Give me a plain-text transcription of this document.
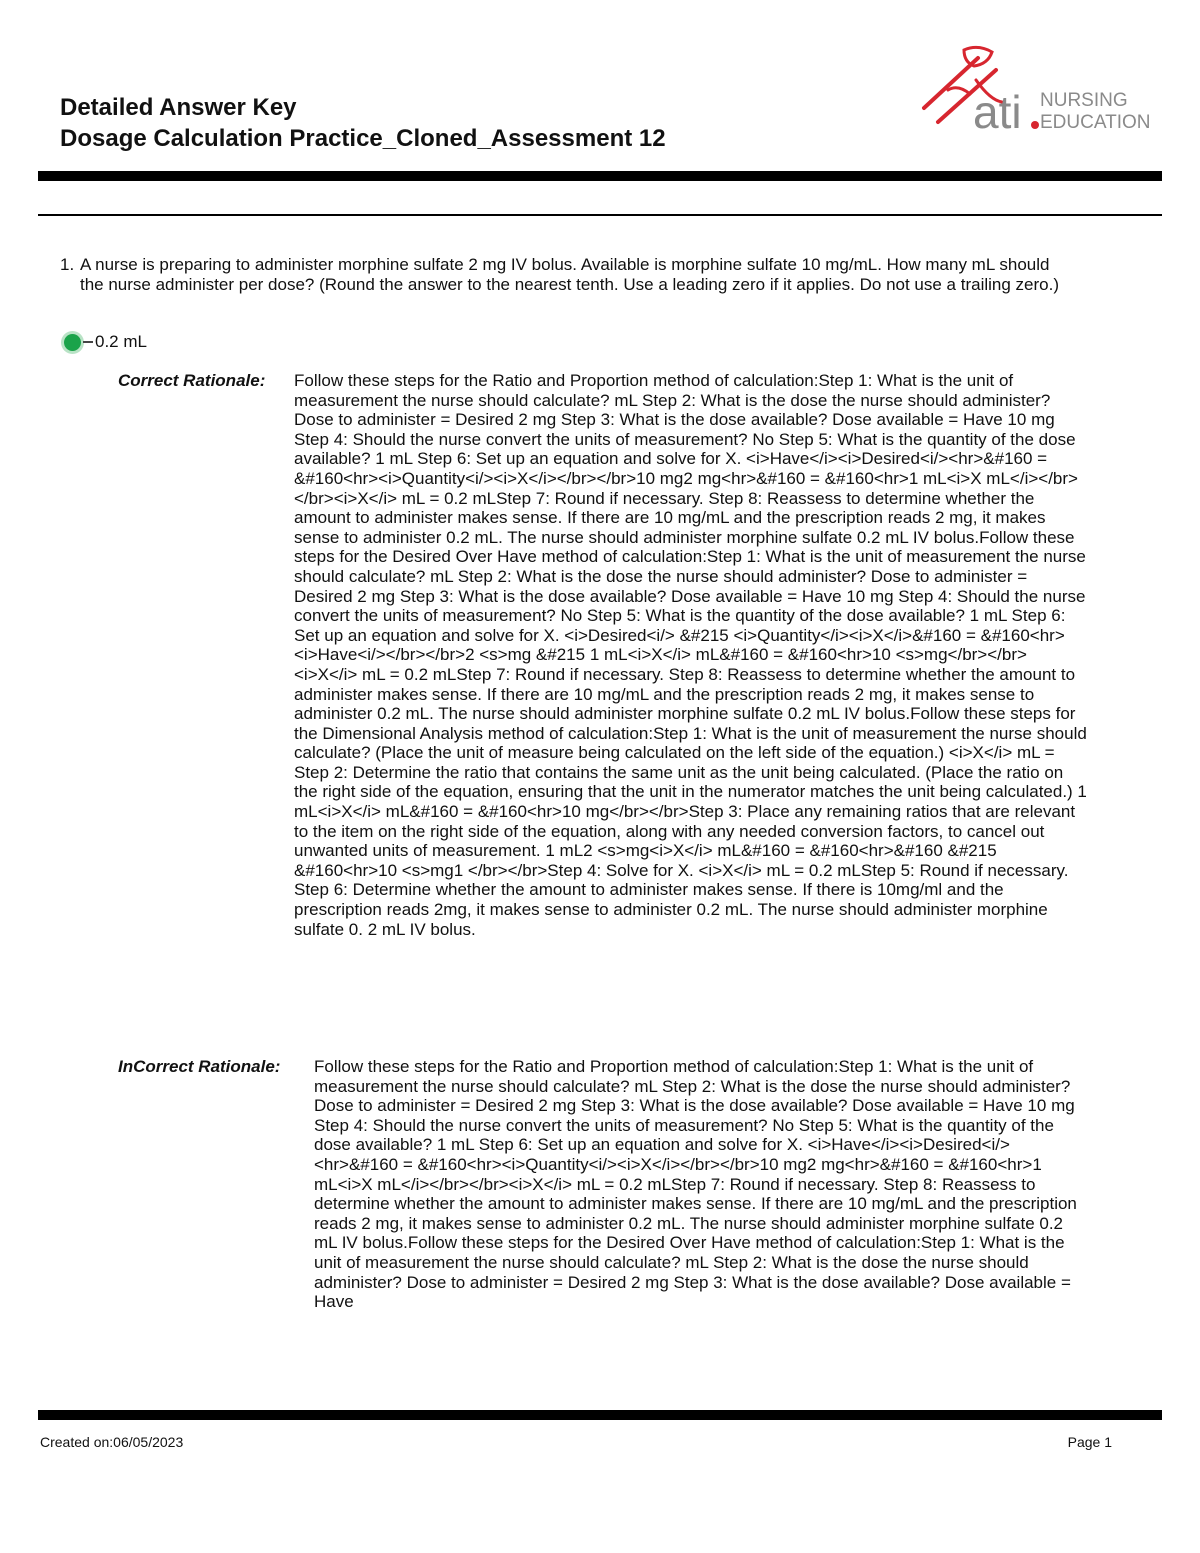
Detailed Answer Key
Dosage Calculation Practice_Cloned_Assessment 12
ati NURSING
EDUCATION
1. A nurse is preparing to administer morphine sulfate 2 mg IV bolus. Available is morphine sulfate 10 mg/mL. How many mL should the nurse administer per dose? (Round the answer to the nearest tenth. Use a leading zero if it applies. Do not use a trailing zero.)
0.2 mL
Correct Rationale: Follow these steps for the Ratio and Proportion method of calculation:Step 1: What is the unit of measurement the nurse should calculate? mL Step 2: What is the dose the nurse should administer? Dose to administer = Desired 2 mg Step 3: What is the dose available? Dose available = Have 10 mg Step 4: Should the nurse convert the units of measurement? No Step 5: What is the quantity of the dose available? 1 mL Step 6: Set up an equation and solve for X. <i>Have</i><i>Desired<i/><hr>&#160 = &#160<hr><i>Quantity<i/><i>X</i></br></br>10 mg2 mg<hr>&#160 = &#160<hr>1 mL<i>X mL</i></br></br><i>X</i> mL = 0.2 mLStep 7: Round if necessary. Step 8: Reassess to determine whether the amount to administer makes sense. If there are 10 mg/mL and the prescription reads 2 mg, it makes sense to administer 0.2 mL. The nurse should administer morphine sulfate 0.2 mL IV bolus.Follow these steps for the Desired Over Have method of calculation:Step 1: What is the unit of measurement the nurse should calculate? mL Step 2: What is the dose the nurse should administer? Dose to administer = Desired 2 mg Step 3: What is the dose available? Dose available = Have 10 mg Step 4: Should the nurse convert the units of measurement? No Step 5: What is the quantity of the dose available? 1 mL Step 6: Set up an equation and solve for X. <i>Desired<i/> &#215 <i>Quantity</i><i>X</i>&#160 = &#160<hr><i>Have<i/></br></br>2 <s>mg &#215 1 mL<i>X</i> mL&#160 = &#160<hr>10 <s>mg</br></br><i>X</i> mL = 0.2 mLStep 7: Round if necessary. Step 8: Reassess to determine whether the amount to administer makes sense. If there are 10 mg/mL and the prescription reads 2 mg, it makes sense to administer 0.2 mL. The nurse should administer morphine sulfate 0.2 mL IV bolus.Follow these steps for the Dimensional Analysis method of calculation:Step 1: What is the unit of measurement the nurse should calculate? (Place the unit of measure being calculated on the left side of the equation.) <i>X</i> mL = Step 2: Determine the ratio that contains the same unit as the unit being calculated. (Place the ratio on the right side of the equation, ensuring that the unit in the numerator matches the unit being calculated.) 1 mL<i>X</i> mL&#160 = &#160<hr>10 mg</br></br>Step 3: Place any remaining ratios that are relevant to the item on the right side of the equation, along with any needed conversion factors, to cancel out unwanted units of measurement. 1 mL2 <s>mg<i>X</i> mL&#160 = &#160<hr>&#160 &#215 &#160<hr>10 <s>mg1 </br></br>Step 4: Solve for X. <i>X</i> mL = 0.2 mLStep 5: Round if necessary. Step 6: Determine whether the amount to administer makes sense. If there is 10mg/ml and the prescription reads 2mg, it makes sense to administer 0.2 mL. The nurse should administer morphine sulfate 0. 2 mL IV bolus.
InCorrect Rationale: Follow these steps for the Ratio and Proportion method of calculation:Step 1: What is the unit of measurement the nurse should calculate? mL Step 2: What is the dose the nurse should administer? Dose to administer = Desired 2 mg Step 3: What is the dose available? Dose available = Have 10 mg Step 4: Should the nurse convert the units of measurement? No Step 5: What is the quantity of the dose available? 1 mL Step 6: Set up an equation and solve for X. <i>Have</i><i>Desired<i/><hr>&#160 = &#160<hr><i>Quantity<i/><i>X</i></br></br>10 mg2 mg<hr>&#160 = &#160<hr>1 mL<i>X mL</i></br></br><i>X</i> mL = 0.2 mLStep 7: Round if necessary. Step 8: Reassess to determine whether the amount to administer makes sense. If there are 10 mg/mL and the prescription reads 2 mg, it makes sense to administer 0.2 mL. The nurse should administer morphine sulfate 0.2 mL IV bolus.Follow these steps for the Desired Over Have method of calculation:Step 1: What is the unit of measurement the nurse should calculate? mL Step 2: What is the dose the nurse should administer? Dose to administer = Desired 2 mg Step 3: What is the dose available? Dose available = Have
Created on:06/05/2023	Page 1
